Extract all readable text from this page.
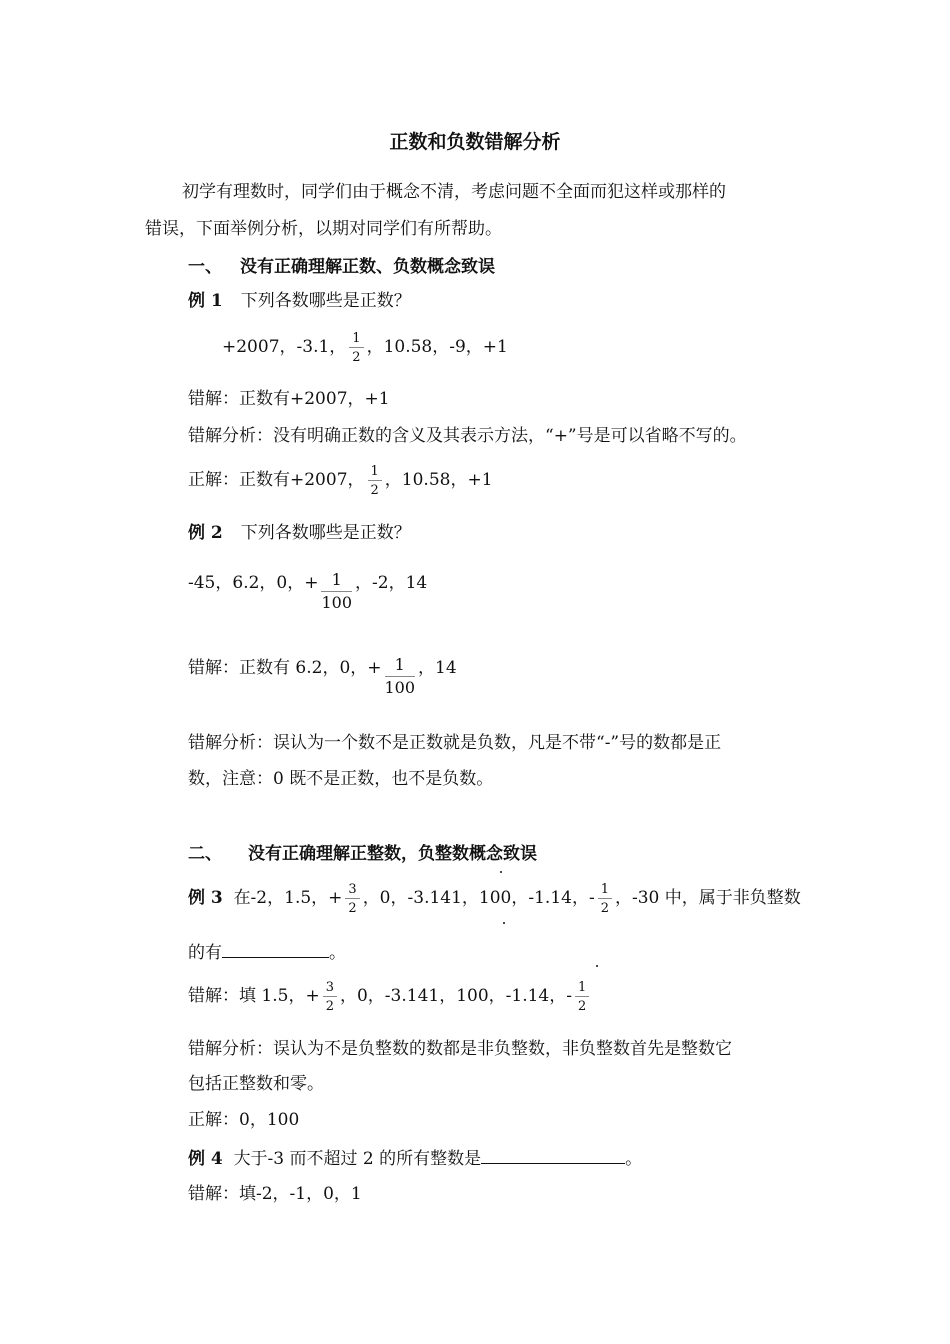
正数和负数错解分析
初学有理数时，同学们由于概念不清，考虑问题不全面而犯这样或那样的
错误，下面举例分析，以期对同学们有所帮助。
一、 没有正确理解正数、负数概念致误
例 1 下列各数哪些是正数？
+2007，-3.1， $\frac{1}{2}$ ，10.58，-9，+1
错解：正数有+2007，+1
错解分析：没有明确正数的含义及其表示方法，“+”号是可以省略不写的。
正解：正数有+2007， $\frac{1}{2}$ ，10.58，+1
例 2 下列各数哪些是正数？
-45，6.2，0，+ $\frac{1}{100}$ ，-2，14
错解：正数有 6.2，0，+ $\frac{1}{100}$ ，14
错解分析：误认为一个数不是正数就是负数，凡是不带“-”号的数都是正
数，注意：0 既不是正数，也不是负数。
二、 没有正确理解正整数，负整数概念致误
例 3 在-2，1.5，+ $\frac{3}{2}$ ，0，-3.141，100，-1.14，- $\frac{1}{2}$ ，-30 中，属于非负整数
的有	。
错解：填 1.5，+ $\frac{3}{2}$ ，0，-3.141，100，-1.14，- $\frac{1}{2}$
错解分析：误认为不是负整数的数都是非负整数，非负整数首先是整数它
包括正整数和零。
正解：0，100
例 4 大于-3 而不超过 2 的所有整数是	。
错解：填-2，-1，0，1
